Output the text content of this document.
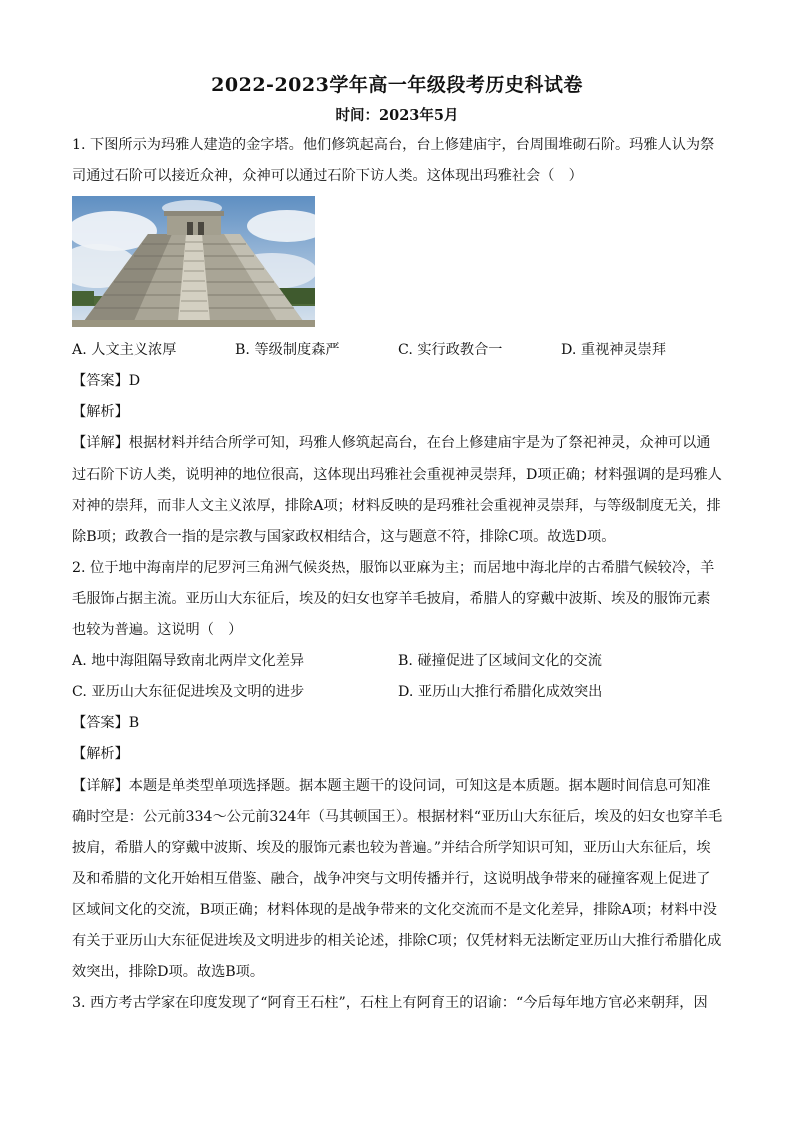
2022-2023学年高一年级段考历史科试卷
时间：2023年5月

1. 下图所示为玛雅人建造的金字塔。他们修筑起高台，台上修建庙宇，台周围堆砌石阶。玛雅人认为祭司通过石阶可以接近众神，众神可以通过石阶下访人类。这体现出玛雅社会（　）

A. 人文主义浓厚	B. 等级制度森严	C. 实行政教合一	D. 重视神灵崇拜

【答案】D

【解析】

【详解】根据材料并结合所学可知，玛雅人修筑起高台，在台上修建庙宇是为了祭祀神灵，众神可以通过石阶下访人类，说明神的地位很高，这体现出玛雅社会重视神灵崇拜，D项正确；材料强调的是玛雅人对神的崇拜，而非人文主义浓厚，排除A项；材料反映的是玛雅社会重视神灵崇拜，与等级制度无关，排除B项；政教合一指的是宗教与国家政权相结合，这与题意不符，排除C项。故选D项。

2. 位于地中海南岸的尼罗河三角洲气候炎热，服饰以亚麻为主；而居地中海北岸的古希腊气候较冷，羊毛服饰占据主流。亚历山大东征后，埃及的妇女也穿羊毛披肩，希腊人的穿戴中波斯、埃及的服饰元素也较为普遍。这说明（　）

A. 地中海阻隔导致南北两岸文化差异	B. 碰撞促进了区域间文化的交流
C. 亚历山大东征促进埃及文明的进步	D. 亚历山大推行希腊化成效突出

【答案】B

【解析】

【详解】本题是单类型单项选择题。据本题主题干的设问词，可知这是本质题。据本题时间信息可知准确时空是：公元前334～公元前324年（马其顿国王）。根据材料“亚历山大东征后，埃及的妇女也穿羊毛披肩，希腊人的穿戴中波斯、埃及的服饰元素也较为普遍。”并结合所学知识可知，亚历山大东征后，埃及和希腊的文化开始相互借鉴、融合，战争冲突与文明传播并行，这说明战争带来的碰撞客观上促进了区域间文化的交流，B项正确；材料体现的是战争带来的文化交流而不是文化差异，排除A项；材料中没有关于亚历山大东征促进埃及文明进步的相关论述，排除C项；仅凭材料无法断定亚历山大推行希腊化成效突出，排除D项。故选B项。

3. 西方考古学家在印度发现了“阿育王石柱”，石柱上有阿育王的诏谕：“今后每年地方官必来朝拜，因
